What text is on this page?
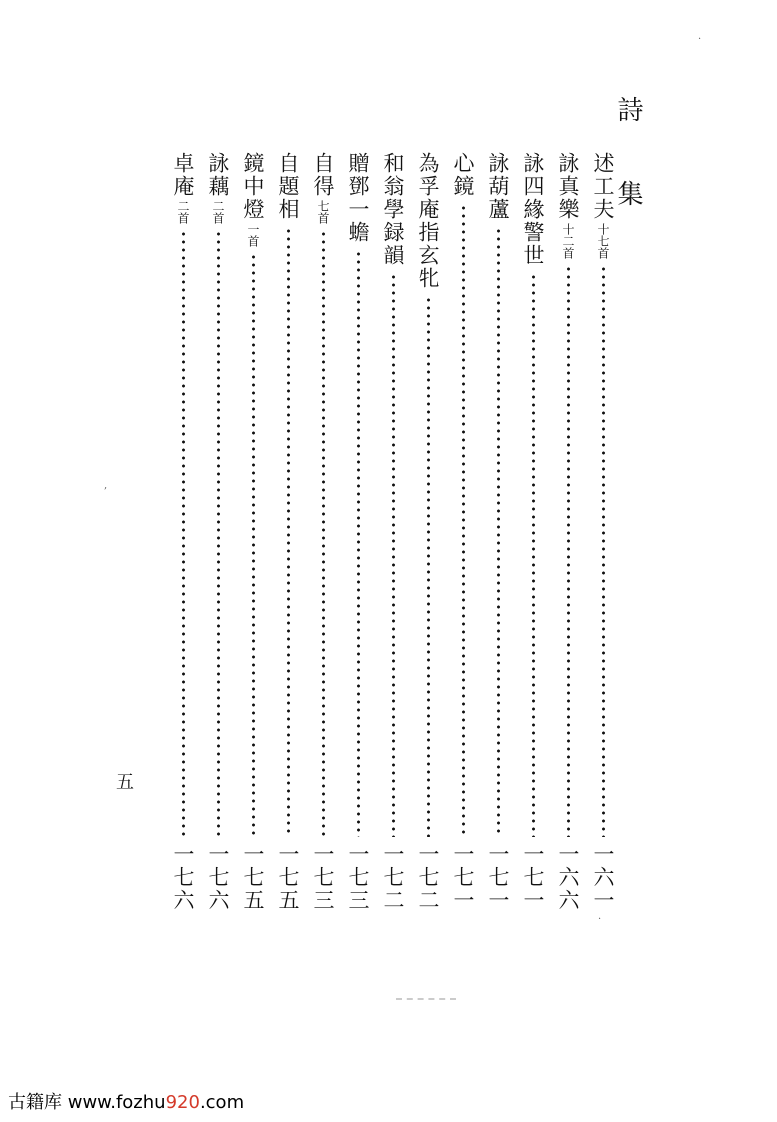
詩集
述工夫
十七首
一六一
詠真樂
十二首
一六六
詠四緣警世
一七一
詠葫蘆
一七一
心鏡
一七一
為孚庵指玄牝
一七二
和翁學録韻
一七二
贈鄧一蟾
一七三
自得
七首
一七三
自題相
一七五
鏡中燈
一首
一七五
詠藕
二首
一七六
卓庵
二首
一七六
五
·
,
·
古籍库 www.fozhu920.com
